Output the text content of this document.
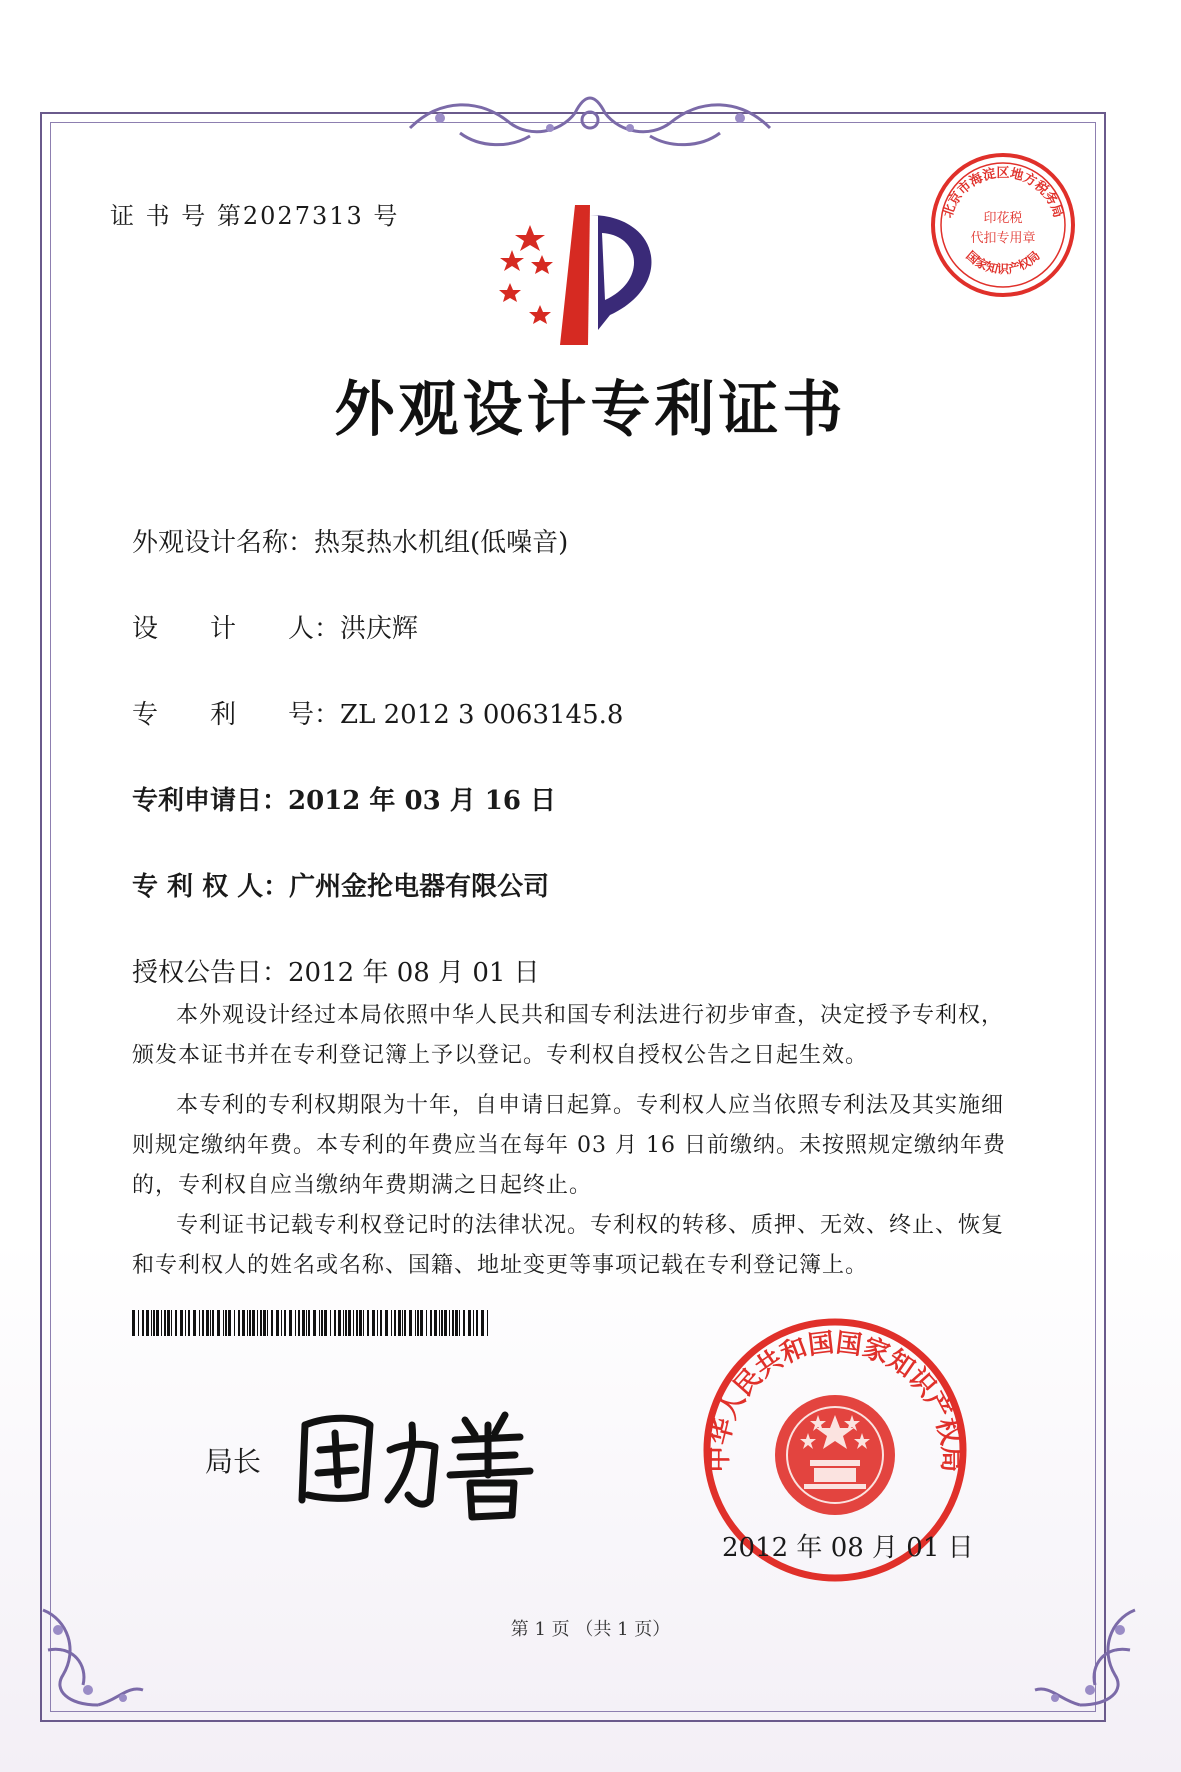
证 书 号 第2027313 号	北京市海淀区地方税务局
印花税
代扣专用章
国家知识产权局
外观设计专利证书
外观设计名称：热泵热水机组(低噪音)
设　　计　　人：洪庆辉
专　　利　　号：ZL 2012 3 0063145.8
专利申请日：2012 年 03 月 16 日
专 利 权 人：广州金抡电器有限公司
授权公告日：2012 年 08 月 01 日

本外观设计经过本局依照中华人民共和国专利法进行初步审查，决定授予专利权，颁发本证书并在专利登记簿上予以登记。专利权自授权公告之日起生效。

本专利的专利权期限为十年，自申请日起算。专利权人应当依照专利法及其实施细则规定缴纳年费。本专利的年费应当在每年 03 月 16 日前缴纳。未按照规定缴纳年费的，专利权自应当缴纳年费期满之日起终止。

专利证书记载专利权登记时的法律状况。专利权的转移、质押、无效、终止、恢复和专利权人的姓名或名称、国籍、地址变更等事项记载在专利登记簿上。

局长	中华人民共和国国家知识产权局
2012 年 08 月 01 日
第 1 页 （共 1 页）
